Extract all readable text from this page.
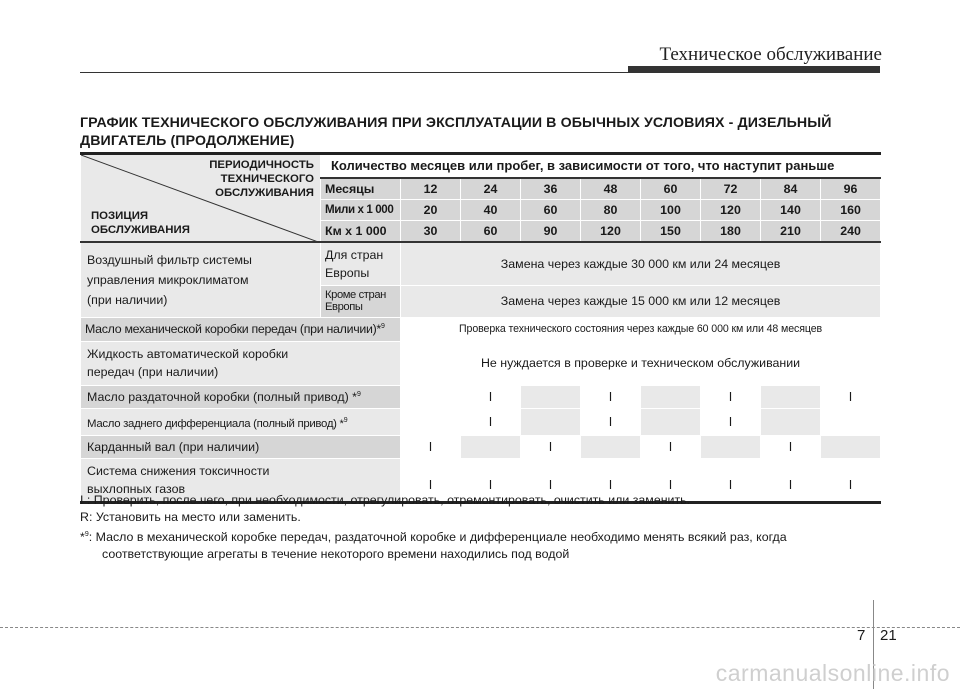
Техническое обслуживание
ГРАФИК ТЕХНИЧЕСКОГО ОБСЛУЖИВАНИЯ ПРИ ЭКСПЛУАТАЦИИ В ОБЫЧНЫХ УСЛОВИЯХ - ДИЗЕЛЬНЫЙ ДВИГАТЕЛЬ (ПРОДОЛЖЕНИЕ)
ПЕРИОДИЧНОСТЬ
ТЕХНИЧЕСКОГО
ОБСЛУЖИВАНИЯ
ПОЗИЦИЯ
ОБСЛУЖИВАНИЯ	Количество месяцев или пробег, в зависимости от того, что наступит раньше								
	Месяцы	12	24	36	48	60	72	84	96
	Мили x 1 000	20	40	60	80	100	120	140	160
	Км x 1 000	30	60	90	120	150	180	210	240

Воздушный фильтр системы
управления микроклиматом
(при наличии)	Для стран Европы	Замена через каждые 30 000 км или 24 месяцев							
	Кроме стран Европы	Замена через каждые 15 000 км или 12 месяцев							
Масло механической коробки передач (при наличии)*$^9$		Проверка технического состояния через каждые 60 000 км или 48 месяцев							

Жидкость автоматической коробки
передач (при наличии)		Не нуждается в проверке и техническом обслуживании							
Масло раздаточной коробки (полный привод) *$^9$			I		I		I		I
Масло заднего дифференциала (полный привод) *$^9$			I		I		I		
Карданный вал (при наличии)		I		I		I		I	

Система снижения токсичности
выхлопных газов		I	I	I	I	I	I	I	I
I : Проверить, после чего, при необходимости, отрегулировать, отремонтировать, очистить или заменить.
R: Установить на место или заменить.
*$^9$: Масло в механической коробке передач, раздаточной коробке и дифференциале необходимо менять всякий раз, когда
соответствующие агрегаты в течение некоторого времени находились под водой
7 21
carmanualsonline.info
